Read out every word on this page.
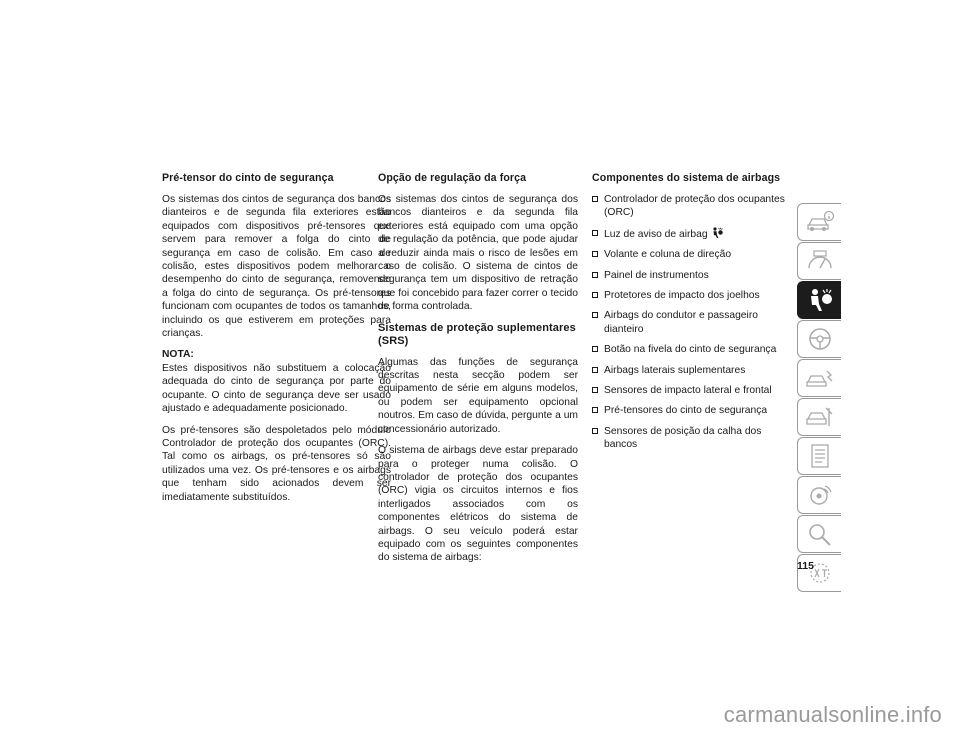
Pré-tensor do cinto de segurança

Os sistemas dos cintos de segurança dos bancos dianteiros e de segunda fila exteriores estão equipados com dispositivos pré-tensores que servem para remover a folga do cinto de segurança em caso de colisão. Em caso de colisão, estes dispositivos podem melhorar o desempenho do cinto de segurança, removendo a folga do cinto de segurança. Os pré-tensores funcionam com ocupantes de todos os tamanhos, incluindo os que estiverem em proteções para crianças.

NOTA:
Estes dispositivos não substituem a colocação adequada do cinto de segurança por parte do ocupante. O cinto de segurança deve ser usado ajustado e adequadamente posicionado.

Os pré-tensores são despoletados pelo módulo Controlador de proteção dos ocupantes (ORC). Tal como os airbags, os pré-tensores só são utilizados uma vez. Os pré-tensores e os airbags que tenham sido acionados devem ser imediatamente substituídos.

Opção de regulação da força

Os sistemas dos cintos de segurança dos bancos dianteiros e da segunda fila exteriores está equipado com uma opção de regulação da potência, que pode ajudar a reduzir ainda mais o risco de lesões em caso de colisão. O sistema de cintos de segurança tem um dispositivo de retração que foi concebido para fazer correr o tecido de forma controlada.

Sistemas de proteção suplementares (SRS)

Algumas das funções de segurança descritas nesta secção podem ser equipamento de série em alguns modelos, ou podem ser equipamento opcional noutros. Em caso de dúvida, pergunte a um concessionário autorizado.

O sistema de airbags deve estar preparado para o proteger numa colisão. O controlador de proteção dos ocupantes (ORC) vigia os circuitos internos e fios interligados associados com os componentes elétricos do sistema de airbags. O seu veículo poderá estar equipado com os seguintes componentes do sistema de airbags:

Componentes do sistema de airbags
Controlador de proteção dos ocupantes (ORC)
Luz de aviso de airbag
Volante e coluna de direção
Painel de instrumentos
Protetores de impacto dos joelhos
Airbags do condutor e passageiro dianteiro
Botão na fivela do cinto de segurança
Airbags laterais suplementares
Sensores de impacto lateral e frontal
Pré-tensores do cinto de segurança
Sensores de posição da calha dos bancos
115
carmanualsonline.info
